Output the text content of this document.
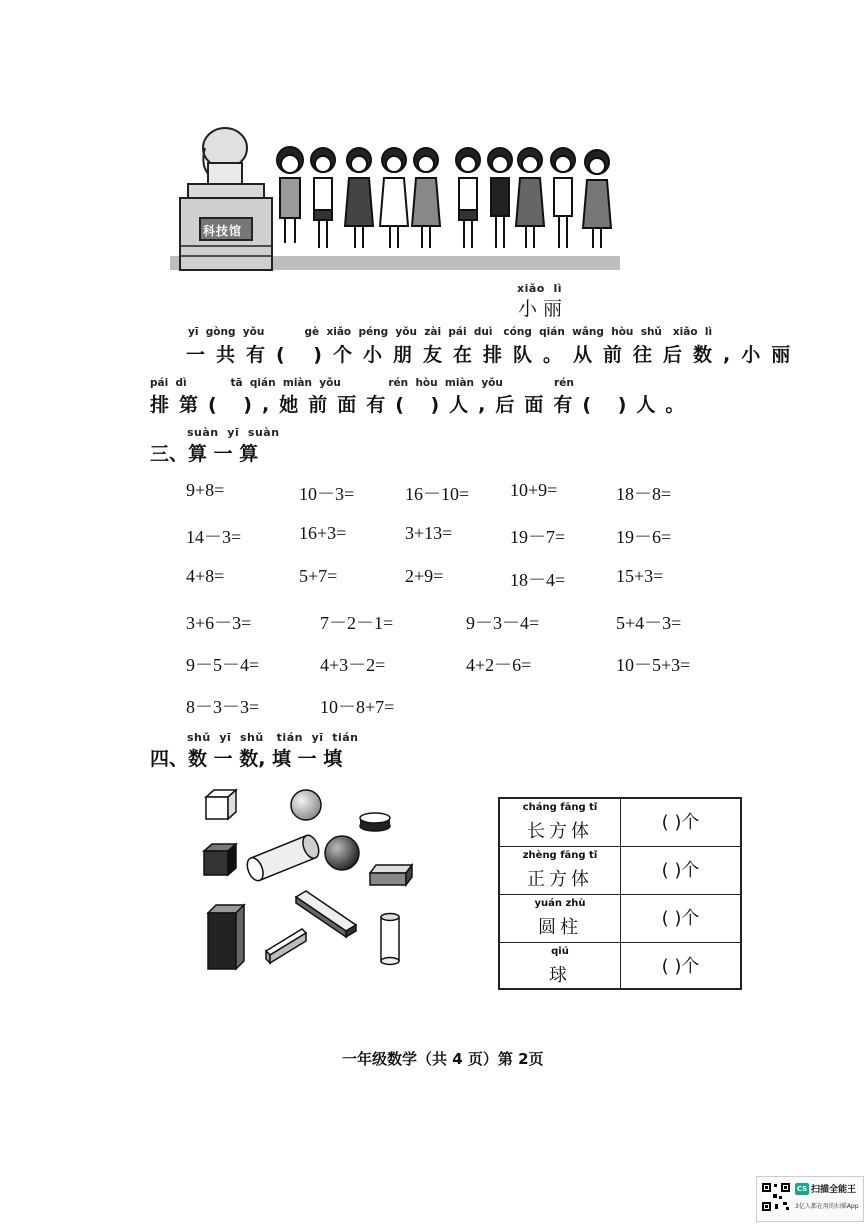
科技馆
xiǎo  lì
小 丽
yī  gòng  yǒu           gè  xiǎo  péng  yǒu  zài  pái  duì   cóng  qián  wǎng  hòu  shǔ   xiǎo  lì
一共有( )个小朋友在排队。从前往后数,小丽
pái  dì            tā  qián  miàn  yǒu             rén  hòu  miàn  yǒu              rén
排第( ),她前面有( )人,后面有( )人。
suàn  yī  suàn
三、算 一 算
9+8=	10－3=	16－10= 10+9=	18－8=
14－3=	16+3=	3+13=	19－7=	19－6=
4+8=	5+7=	2+9=	18－4=	15+3=
3+6－3=	7－2－1=	9－3－4=	5+4－3=
9－5－4=	4+3－2=	4+2－6=	10－5+3=
8－3－3=	10－8+7=
shǔ  yī  shǔ   tián  yī  tián
四、数 一 数, 填 一 填
cháng fāng tǐ
长方体	( )个
zhèng fāng tǐ
正方体	( )个
yuán zhù
圆柱	( )个
qiú
球	( )个
一年级数学（共 4 页）第 2页
CS 扫描全能王
3亿人都在用的扫描App
